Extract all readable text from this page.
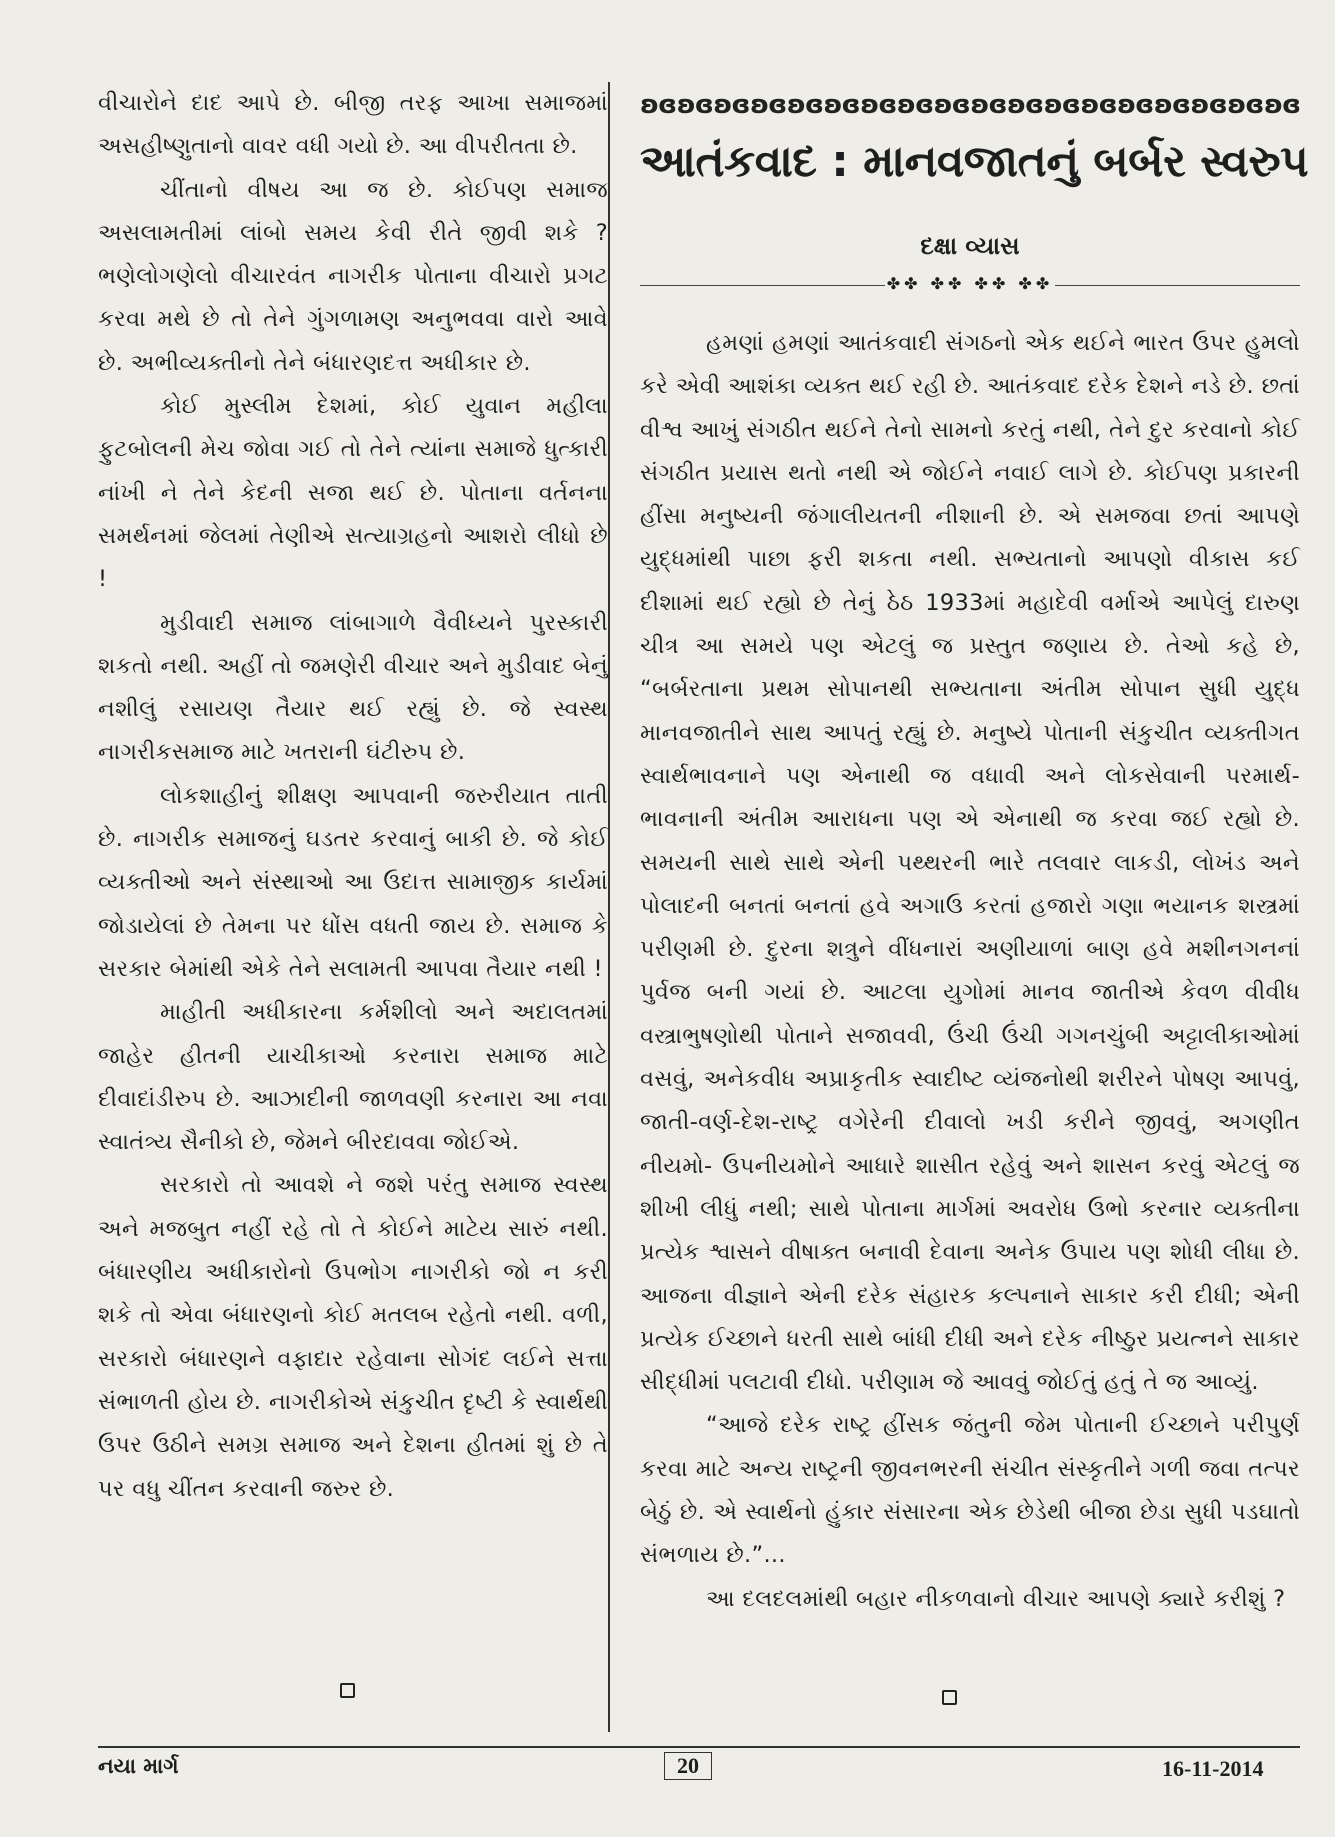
વીચારોને દાદ આપે છે. બીજી તરફ આખા સમાજમાં અસહીષ્ણુતાનો વાવર વધી ગયો છે. આ વીપરીતતા છે.

ચીંતાનો વીષય આ જ છે. કોઈપણ સમાજ અસલામતીમાં લાંબો સમય કેવી રીતે જીવી શકે ? ભણેલોગણેલો વીચારવંત નાગરીક પોતાના વીચારો પ્રગટ કરવા મથે છે તો તેને ગુંગળામણ અનુભવવા વારો આવે છે. અભીવ્યક્તીનો તેને બંધારણદત્ત અધીકાર છે.

કોઈ મુસ્લીમ દેશમાં, કોઈ યુવાન મહીલા ફુટબોલની મેચ જોવા ગઈ તો તેને ત્યાંના સમાજે ધુત્કારી નાંખી ને તેને કેદની સજા થઈ છે. પોતાના વર્તનના સમર્થનમાં જેલમાં તેણીએ સત્યાગ્રહનો આશરો લીધો છે !

મુડીવાદી સમાજ લાંબાગાળે વૈવીધ્યને પુરસ્કારી શકતો નથી. અહીં તો જમણેરી વીચાર અને મુડીવાદ બેનું નશીલું રસાયણ તૈયાર થઈ રહ્યું છે. જે સ્વસ્થ નાગરીકસમાજ માટે ખતરાની ઘંટીરુપ છે.

લોકશાહીનું શીક્ષણ આપવાની જરુરીયાત તાતી છે. નાગરીક સમાજનું ઘડતર કરવાનું બાકી છે. જે કોઈ વ્યક્તીઓ અને સંસ્થાઓ આ ઉદાત્ત સામાજીક કાર્યમાં જોડાયેલાં છે તેમના પર ધોંસ વધતી જાય છે. સમાજ કે સરકાર બેમાંથી એકે તેને સલામતી આપવા તૈયાર નથી !

માહીતી અધીકારના કર્મશીલો અને અદાલતમાં જાહેર હીતની યાચીકાઓ કરનારા સમાજ માટે દીવાદાંડીરુપ છે. આઝાદીની જાળવણી કરનારા આ નવા સ્વાતંત્ર્ય સૈનીકો છે, જેમને બીરદાવવા જોઈએ.

સરકારો તો આવશે ને જશે પરંતુ સમાજ સ્વસ્થ અને મજબુત નહીં રહે તો તે કોઈને માટેય સારું નથી. બંધારણીય અધીકારોનો ઉપભોગ નાગરીકો જો ન કરી શકે તો એવા બંધારણનો કોઈ મતલબ રહેતો નથી. વળી, સરકારો બંધારણને વફાદાર રહેવાના સોગંદ લઈને સત્તા સંભાળતી હોય છે. નાગરીકોએ સંકુચીત દૃષ્ટી કે સ્વાર્થથી ઉપર ઉઠીને સમગ્ર સમાજ અને દેશના હીતમાં શું છે તે પર વધુ ચીંતન કરવાની જરુર છે.

ʚɞ ʚɞ ʚɞ ʚɞ ʚɞ ʚɞ ʚɞ ʚɞ ʚɞ ʚɞ ʚɞ ʚɞ ʚɞ ʚɞ ʚɞ ʚɞ ʚɞ ʚɞ
આતંકવાદ : માનવજાતનું બર્બર સ્વરુપ
દક્ષા વ્યાસ
✤✤ ✤✤ ✤✤ ✤✤

હમણાં હમણાં આતંકવાદી સંગઠનો એક થઈને ભારત ઉપર હુમલો કરે એવી આશંકા વ્યક્ત થઈ રહી છે. આતંકવાદ દરેક દેશને નડે છે. છતાં વીશ્વ આખું સંગઠીત થઈને તેનો સામનો કરતું નથી, તેને દુર કરવાનો કોઈ સંગઠીત પ્રયાસ થતો નથી એ જોઈને નવાઈ લાગે છે. કોઈપણ પ્રકારની હીંસા મનુષ્યની જંગાલીયતની નીશાની છે. એ સમજવા છતાં આપણે યુદ્ધમાંથી પાછા ફરી શકતા નથી. સભ્યતાનો આપણો વીકાસ કઈ દીશામાં થઈ રહ્યો છે તેનું ઠેઠ 1933માં મહાદેવી વર્માએ આપેલું દારુણ ચીત્ર આ સમયે પણ એટલું જ પ્રસ્તુત જણાય છે. તેઓ કહે છે, “બર્બરતાના પ્રથમ સોપાનથી સભ્યતાના અંતીમ સોપાન સુધી યુદ્ધ માનવજાતીને સાથ આપતું રહ્યું છે. મનુષ્યે પોતાની સંકુચીત વ્યક્તીગત સ્વાર્થભાવનાને પણ એનાથી જ વધાવી અને લોકસેવાની પરમાર્થ-ભાવનાની અંતીમ આરાધના પણ એ એનાથી જ કરવા જઈ રહ્યો છે. સમયની સાથે સાથે એની પથ્થરની ભારે તલવાર લાકડી, લોખંડ અને પોલાદની બનતાં બનતાં હવે અગાઉ કરતાં હજારો ગણા ભયાનક શસ્ત્રમાં પરીણમી છે. દુરના શત્રુને વીંધનારાં અણીયાળાં બાણ હવે મશીનગનનાં પુર્વજ બની ગયાં છે. આટલા યુગોમાં માનવ જાતીએ કેવળ વીવીધ વસ્ત્રાભુષણોથી પોતાને સજાવવી, ઉંચી ઉંચી ગગનચુંબી અટ્ટાલીકાઓમાં વસવું, અનેકવીધ અપ્રાકૃતીક સ્વાદીષ્ટ વ્યંજનોથી શરીરને પોષણ આપવું, જાતી-વર્ણ-દેશ-રાષ્ટ્ર વગેરેની દીવાલો ખડી કરીને જીવવું, અગણીત નીયમો- ઉપનીયમોને આધારે શાસીત રહેવું અને શાસન કરવું એટલું જ શીખી લીધું નથી; સાથે પોતાના માર્ગમાં અવરોધ ઉભો કરનાર વ્યક્તીના પ્રત્યેક શ્વાસને વીષાક્ત બનાવી દેવાના અનેક ઉપાય પણ શોધી લીધા છે. આજના વીજ્ઞાને એની દરેક સંહારક કલ્પનાને સાકાર કરી દીધી; એની પ્રત્યેક ઈચ્છાને ધરતી સાથે બાંધી દીધી અને દરેક નીષ્ઠુર પ્રયત્નને સાકાર સીદ્ધીમાં પલટાવી દીધો. પરીણામ જે આવવું જોઈતું હતું તે જ આવ્યું.

“આજે દરેક રાષ્ટ્ર હીંસક જંતુની જેમ પોતાની ઈચ્છાને પરીપુર્ણ કરવા માટે અન્ય રાષ્ટ્રની જીવનભરની સંચીત સંસ્કૃતીને ગળી જવા તત્પર બેઠું છે. એ સ્વાર્થનો હુંકાર સંસારના એક છેડેથી બીજા છેડા સુધી પડઘાતો સંભળાય છે.”...

આ દલદલમાંથી બહાર નીકળવાનો વીચાર આપણે ક્યારે કરીશું ?

નયા માર્ગ	20	16-11-2014
